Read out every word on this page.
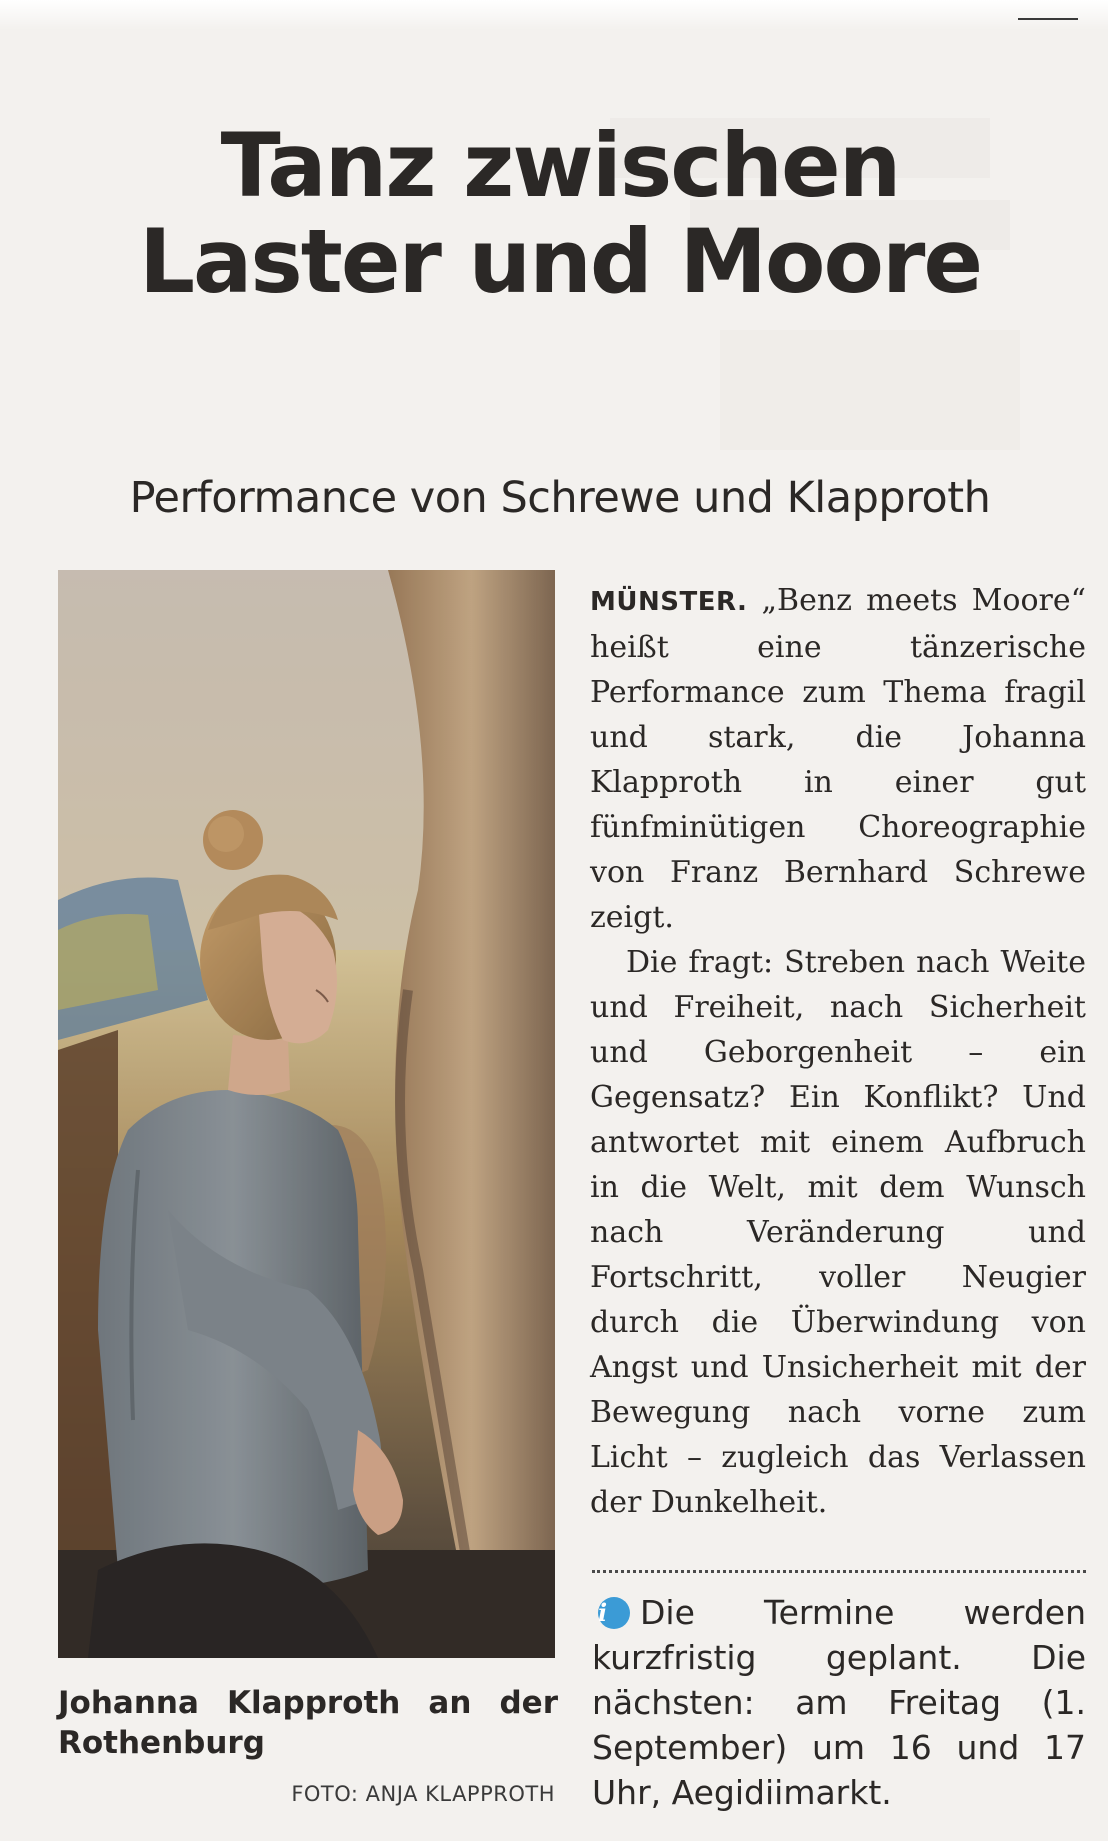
Tanz zwischen Laster und Moore
Performance von Schrewe und Klapproth

Johanna Klapproth an der Rothenburg

FOTO: ANJA KLAPPROTH

MÜNSTER. „Benz meets Moore“ heißt eine tänzerische Performance zum Thema fragil und stark, die Johanna Klapproth in einer gut fünfminütigen Choreographie von Franz Bernhard Schrewe zeigt.

Die fragt: Streben nach Weite und Freiheit, nach Sicherheit und Geborgenheit – ein Gegensatz? Ein Konflikt? Und antwortet mit einem Aufbruch in die Welt, mit dem Wunsch nach Veränderung und Fortschritt, voller Neugier durch die Überwindung von Angst und Unsicherheit mit der Bewegung nach vorne zum Licht – zugleich das Verlassen der Dunkelheit.

i Die Termine werden kurzfristig geplant. Die nächsten: am Freitag (1. September) um 16 und 17 Uhr, Aegidiimarkt.
